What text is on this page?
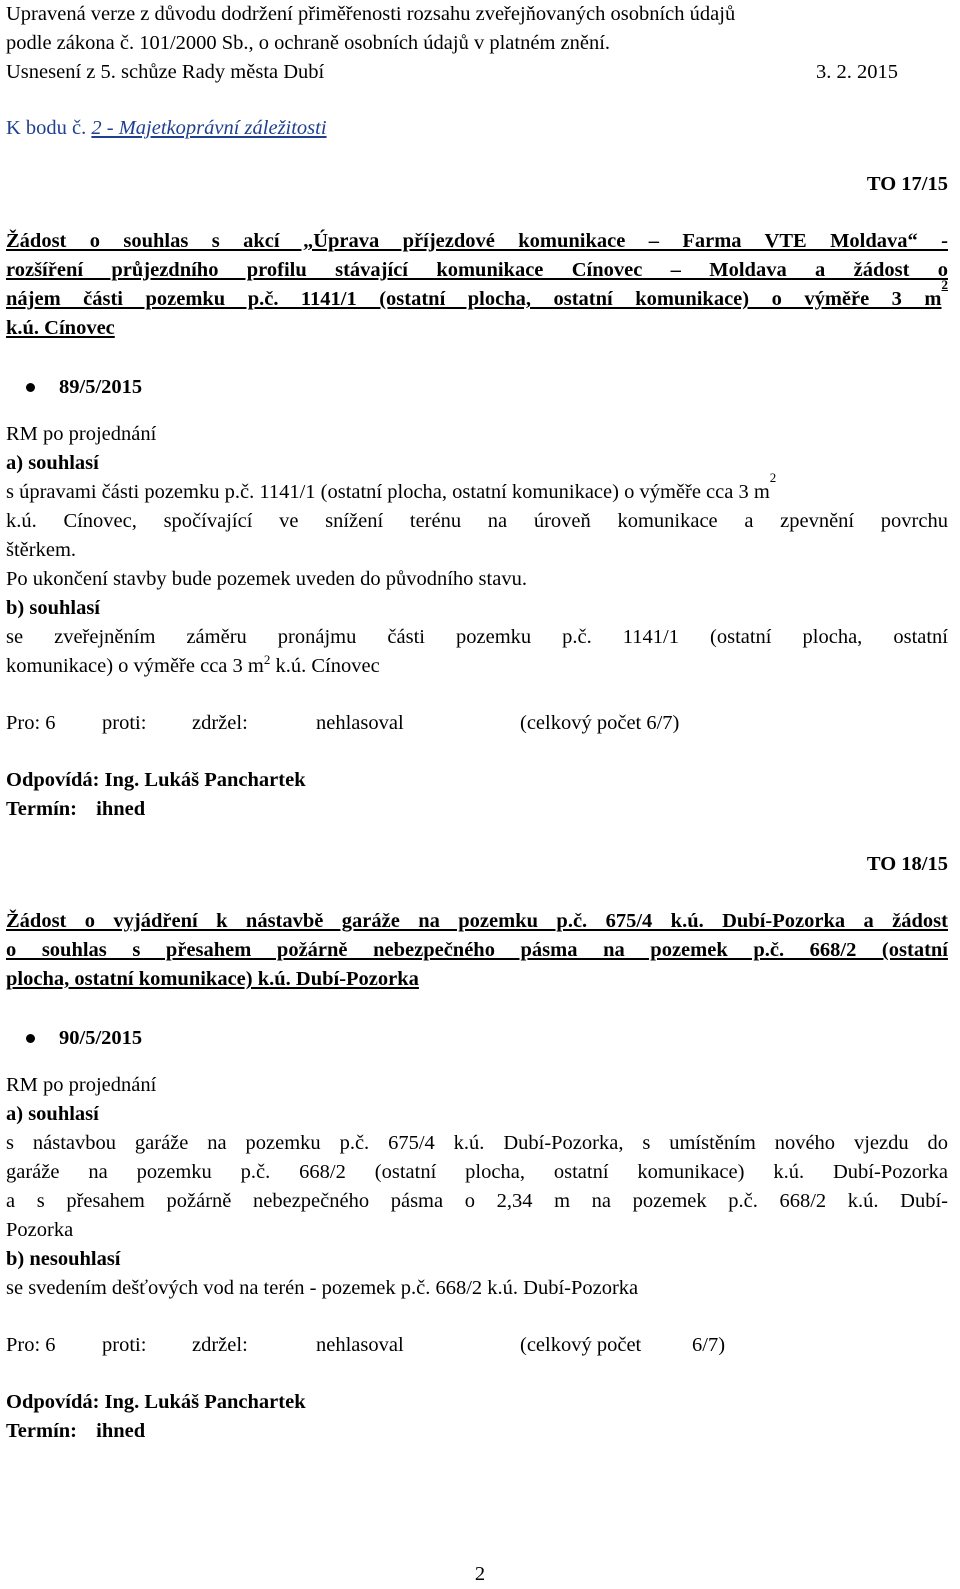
Upravená verze z důvodu dodržení přiměřenosti rozsahu zveřejňovaných osobních údajů
podle zákona č. 101/2000 Sb., o ochraně osobních údajů v platném znění.
Usnesení z 5. schůze Rady města Dubí	3. 2. 2015
K bodu č. 2 - Majetkoprávní záležitosti
TO 17/15
Žádost o souhlas s akcí „Úprava příjezdové komunikace – Farma VTE Moldava“ -
rozšíření průjezdního profilu stávající komunikace Cínovec – Moldava a žádost o
nájem části pozemku p.č. 1141/1 (ostatní plocha, ostatní komunikace) o výměře 3 m
2
k.ú. Cínovec
89/5/2015
RM po projednání
a) souhlasí
s úpravami části pozemku p.č. 1141/1 (ostatní plocha, ostatní komunikace) o výměře cca 3 m
2
k.ú. Cínovec, spočívající ve snížení terénu na úroveň komunikace a zpevnění povrchu
štěrkem.
Po ukončení stavby bude pozemek uveden do původního stavu.
b) souhlasí
se zveřejněním záměru pronájmu části pozemku p.č. 1141/1 (ostatní plocha, ostatní
komunikace) o výměře cca 3 $m^2$ k.ú. Cínovec
Pro: 6 proti: zdržel:	nehlasoval	(celkový počet 6/7)
Odpovídá: Ing. Lukáš Panchartek
Termín: ihned
TO 18/15
Žádost o vyjádření k nástavbě garáže na pozemku p.č. 675/4 k.ú. Dubí-Pozorka a žádost
o souhlas s přesahem požárně nebezpečného pásma na pozemek p.č. 668/2 (ostatní
plocha, ostatní komunikace) k.ú. Dubí-Pozorka
90/5/2015
RM po projednání
a) souhlasí
s nástavbou garáže na pozemku p.č. 675/4 k.ú. Dubí-Pozorka, s umístěním nového vjezdu do
garáže na pozemku p.č. 668/2 (ostatní plocha, ostatní komunikace) k.ú. Dubí-Pozorka
a s přesahem požárně nebezpečného pásma o 2,34 m na pozemek p.č. 668/2 k.ú. Dubí-
Pozorka
b) nesouhlasí
se svedením dešťových vod na terén - pozemek p.č. 668/2 k.ú. Dubí-Pozorka
Pro: 6 proti: zdržel:	nehlasoval	(celkový počet 6/7)
Odpovídá: Ing. Lukáš Panchartek
Termín: ihned
2
